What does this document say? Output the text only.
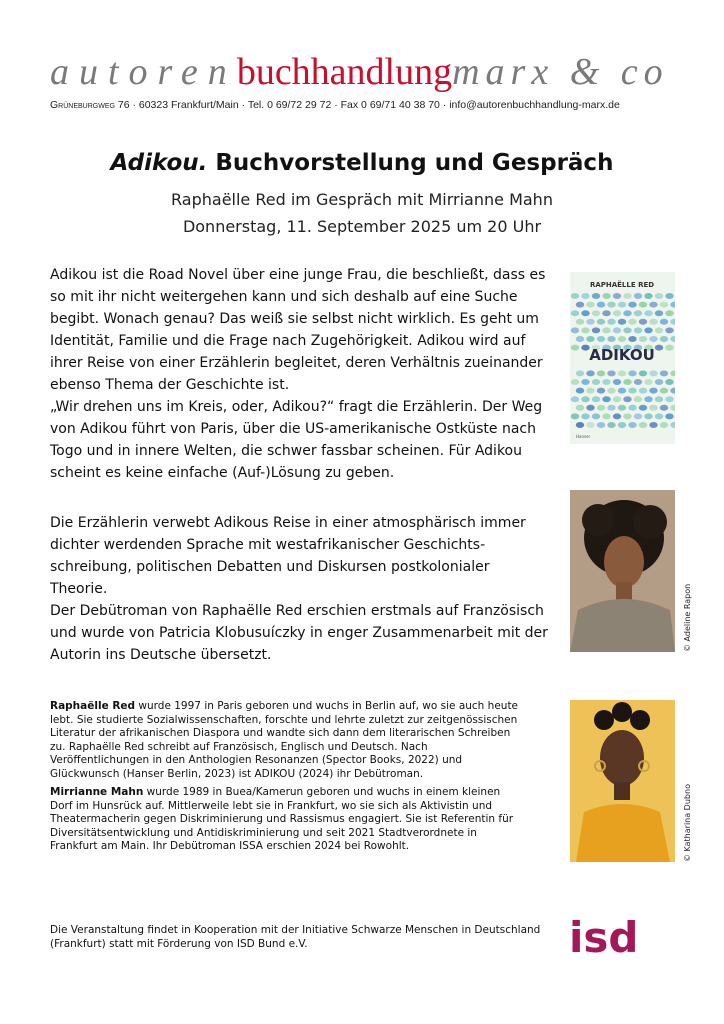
autorenbuchhandlungmarx & co
Grüneburgweg 76 · 60323 Frankfurt/Main · Tel. 0 69/72 29 72 · Fax 0 69/71 40 38 70 · info@autorenbuchhandlung-marx.de
Adikou. Buchvorstellung und Gespräch
Raphaëlle Red im Gespräch mit Mirrianne Mahn
Donnerstag, 11. September 2025 um 20 Uhr
Adikou ist die Road Novel über eine junge Frau, die beschließt, dass es so mit ihr nicht weitergehen kann und sich deshalb auf eine Suche begibt. Wonach genau? Das weiß sie selbst nicht wirklich. Es geht um Identität, Familie und die Frage nach Zugehörigkeit. Adikou wird auf ihrer Reise von einer Erzählerin begleitet, deren Verhältnis zueinander ebenso Thema der Geschichte ist.
„Wir drehen uns im Kreis, oder, Adikou?“ fragt die Erzählerin. Der Weg von Adikou führt von Paris, über die US-amerikanische Ostküste nach Togo und in innere Welten, die schwer fassbar scheinen. Für Adikou scheint es keine einfache (Auf-)Lösung zu geben.
RAPHAËLLE RED
ADIKOU
Hanser
Die Erzählerin verwebt Adikous Reise in einer atmosphärisch immer dichter werdenden Sprache mit westafrikanischer Geschichts-schreibung, politischen Debatten und Diskursen postkolonialer Theorie.
Der Debütroman von Raphaëlle Red erschien erstmals auf Französisch und wurde von Patricia Klobusuíczky in enger Zusammenarbeit mit der Autorin ins Deutsche übersetzt.
© Adeline Rapon

Raphaëlle Red wurde 1997 in Paris geboren und wuchs in Berlin auf, wo sie auch heute lebt. Sie studierte Sozialwissenschaften, forschte und lehrte zuletzt zur zeitgenössischen Literatur der afrikanischen Diaspora und wandte sich dann dem literarischen Schreiben zu. Raphaëlle Red schreibt auf Französisch, Englisch und Deutsch. Nach Veröffentlichungen in den Anthologien Resonanzen (Spector Books, 2022) und Glückwunsch (Hanser Berlin, 2023) ist ADIKOU (2024) ihr Debütroman.

Mirrianne Mahn wurde 1989 in Buea/Kamerun geboren und wuchs in einem kleinen Dorf im Hunsrück auf. Mittlerweile lebt sie in Frankfurt, wo sie sich als Aktivistin und Theatermacherin gegen Diskriminierung und Rassismus engagiert. Sie ist Referentin für Diversitätsentwicklung und Antidiskriminierung und seit 2021 Stadtverordnete in Frankfurt am Main. Ihr Debütroman ISSA erschien 2024 bei Rowohlt.	© Katharina Dubno
Die Veranstaltung findet in Kooperation mit der Initiative Schwarze Menschen in Deutschland (Frankfurt) statt mit Förderung von ISD Bund e.V.	isd
